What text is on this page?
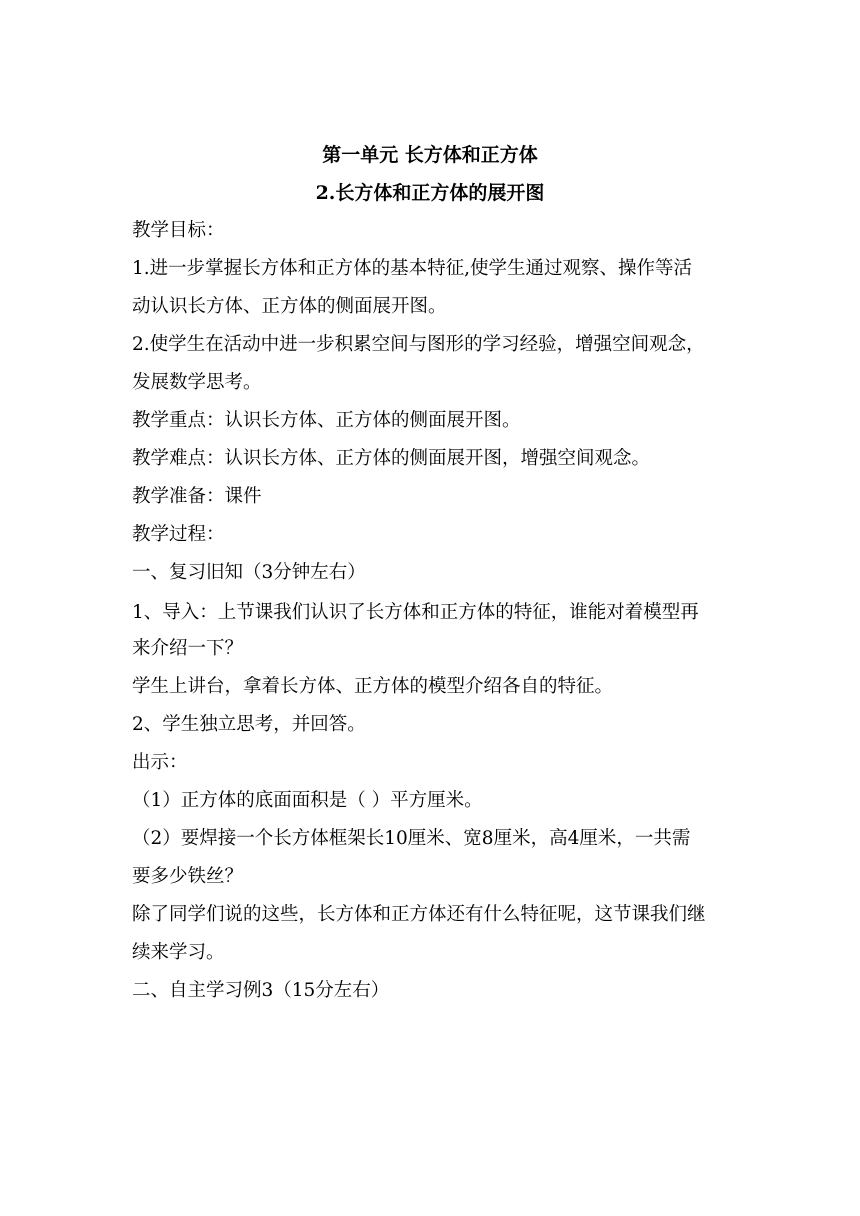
第一单元 长方体和正方体
2.长方体和正方体的展开图
教学目标：
1.进一步掌握长方体和正方体的基本特征,使学生通过观察、操作等活
动认识长方体、正方体的侧面展开图。
2.使学生在活动中进一步积累空间与图形的学习经验，增强空间观念，
发展数学思考。
教学重点：认识长方体、正方体的侧面展开图。
教学难点：认识长方体、正方体的侧面展开图，增强空间观念。
教学准备：课件
教学过程：
一、复习旧知（3分钟左右）
1、导入：上节课我们认识了长方体和正方体的特征，谁能对着模型再
来介绍一下？
学生上讲台，拿着长方体、正方体的模型介绍各自的特征。
2、学生独立思考，并回答。
出示：
（1）正方体的底面面积是（ ）平方厘米。
（2）要焊接一个长方体框架长10厘米、宽8厘米，高4厘米，一共需
要多少铁丝？
除了同学们说的这些，长方体和正方体还有什么特征呢，这节课我们继
续来学习。
二、自主学习例3（15分左右）
